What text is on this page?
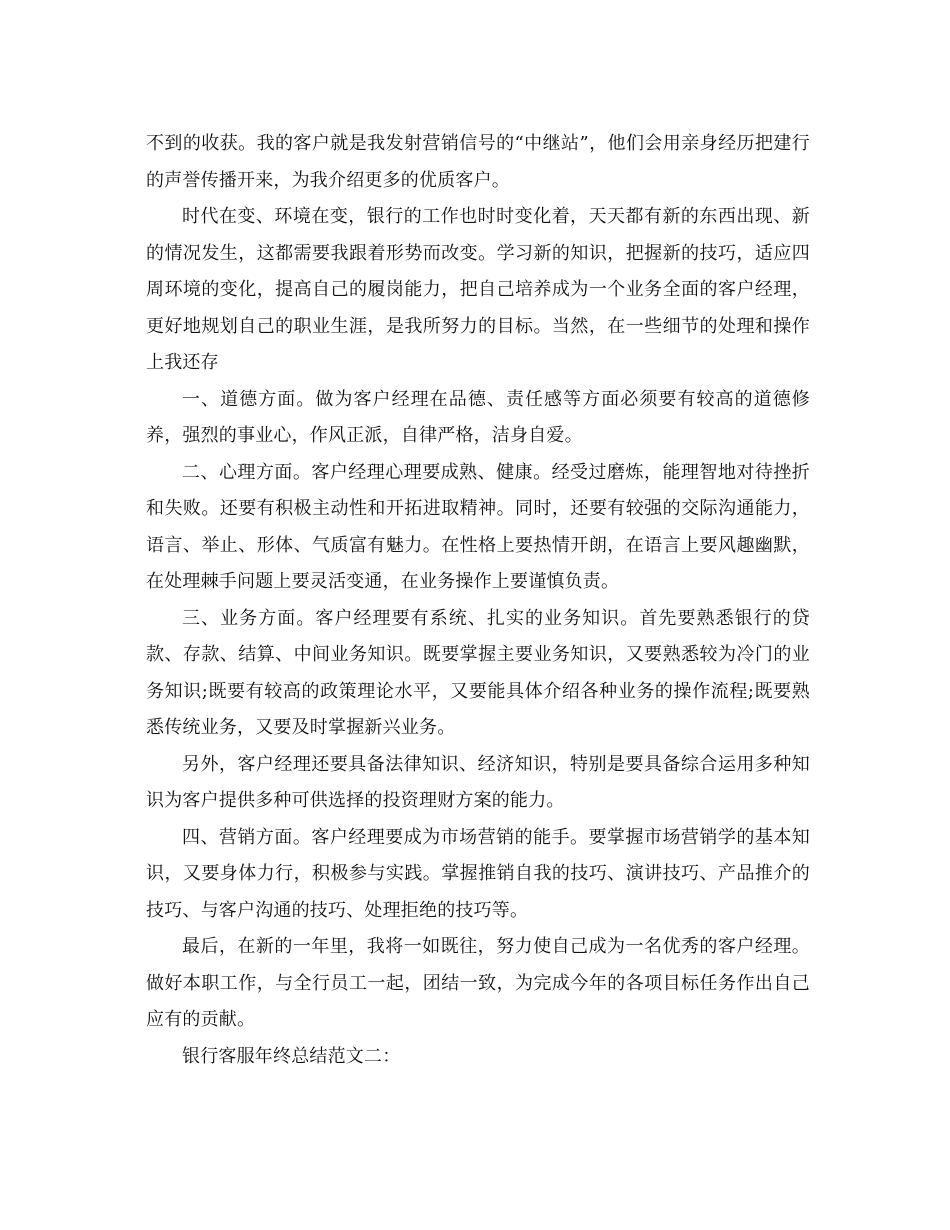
不到的收获。我的客户就是我发射营销信号的“中继站”，他们会用亲身经历把建行的声誉传播开来，为我介绍更多的优质客户。

时代在变、环境在变，银行的工作也时时变化着，天天都有新的东西出现、新的情况发生，这都需要我跟着形势而改变。学习新的知识，把握新的技巧，适应四周环境的变化，提高自己的履岗能力，把自己培养成为一个业务全面的客户经理，更好地规划自己的职业生涯，是我所努力的目标。当然，在一些细节的处理和操作上我还存

一、道德方面。做为客户经理在品德、责任感等方面必须要有较高的道德修养，强烈的事业心，作风正派，自律严格，洁身自爱。

二、心理方面。客户经理心理要成熟、健康。经受过磨炼，能理智地对待挫折和失败。还要有积极主动性和开拓进取精神。同时，还要有较强的交际沟通能力，语言、举止、形体、气质富有魅力。在性格上要热情开朗，在语言上要风趣幽默，在处理棘手问题上要灵活变通，在业务操作上要谨慎负责。

三、业务方面。客户经理要有系统、扎实的业务知识。首先要熟悉银行的贷款、存款、结算、中间业务知识。既要掌握主要业务知识，又要熟悉较为冷门的业务知识;既要有较高的政策理论水平，又要能具体介绍各种业务的操作流程;既要熟悉传统业务，又要及时掌握新兴业务。

另外，客户经理还要具备法律知识、经济知识，特别是要具备综合运用多种知识为客户提供多种可供选择的投资理财方案的能力。

四、营销方面。客户经理要成为市场营销的能手。要掌握市场营销学的基本知识，又要身体力行，积极参与实践。掌握推销自我的技巧、演讲技巧、产品推介的技巧、与客户沟通的技巧、处理拒绝的技巧等。

最后，在新的一年里，我将一如既往，努力使自己成为一名优秀的客户经理。做好本职工作，与全行员工一起，团结一致，为完成今年的各项目标任务作出自己应有的贡献。

银行客服年终总结范文二：
